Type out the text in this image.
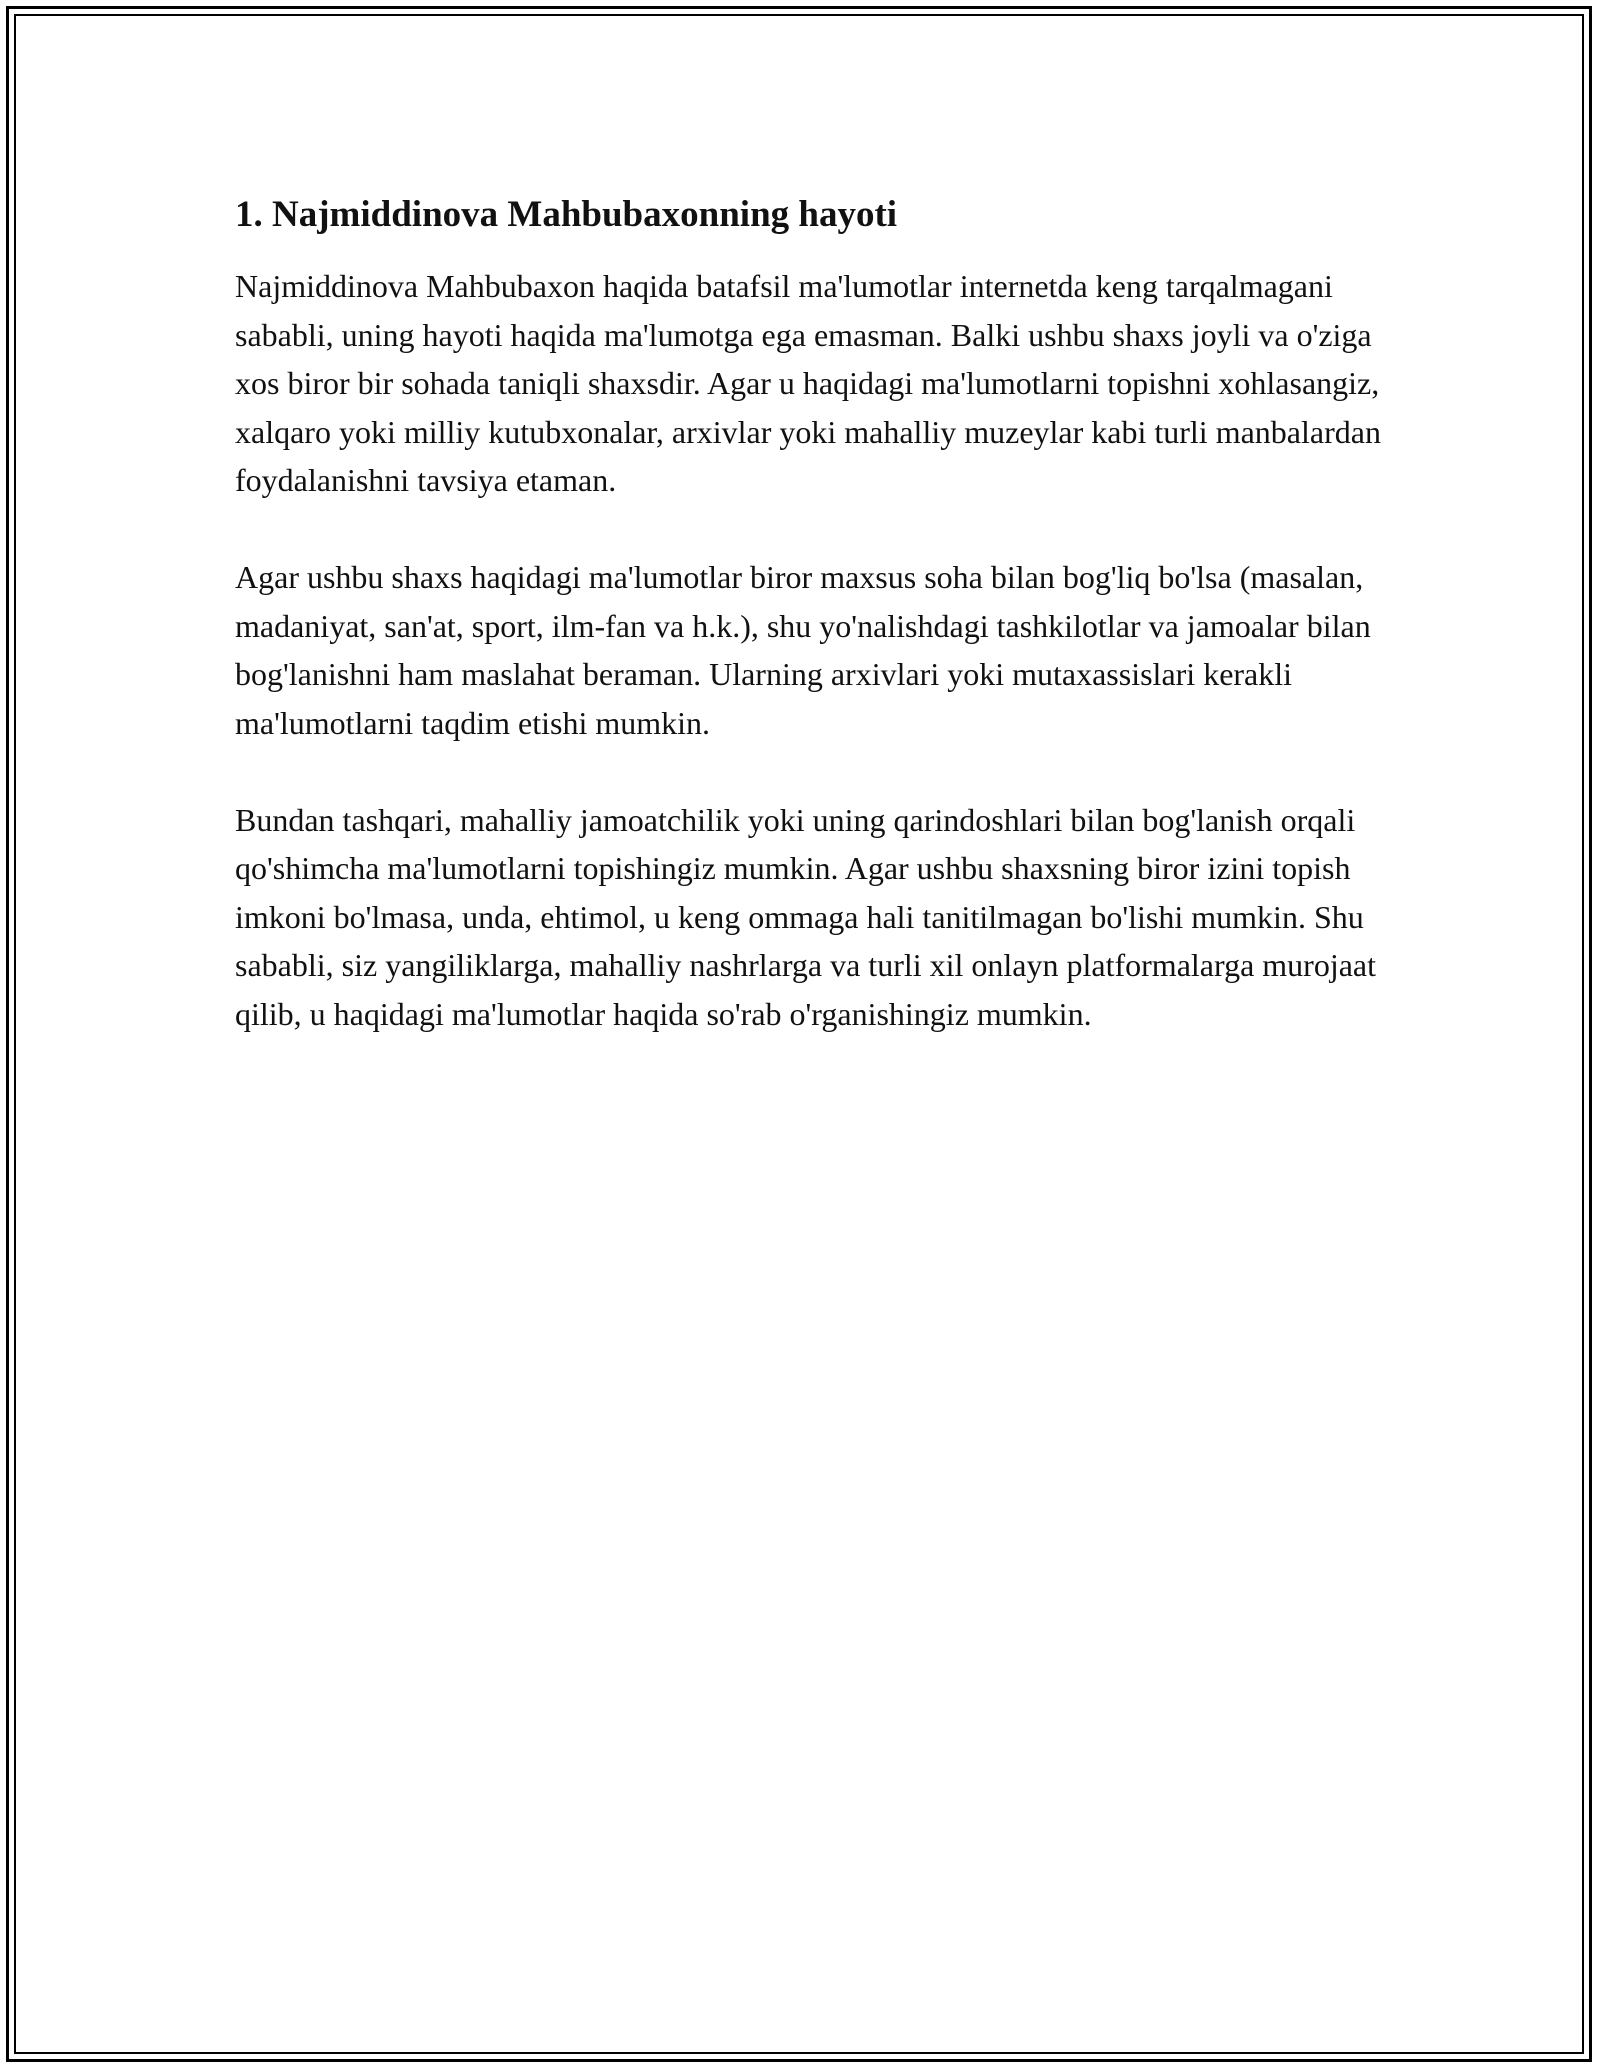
1. Najmiddinova Mahbubaxonning hayoti

Najmiddinova Mahbubaxon haqida batafsil ma'lumotlar internetda keng tarqalmagani sababli, uning hayoti haqida ma'lumotga ega emasman. Balki ushbu shaxs joyli va o'ziga xos biror bir sohada taniqli shaxsdir. Agar u haqidagi ma'lumotlarni topishni xohlasangiz, xalqaro yoki milliy kutubxonalar, arxivlar yoki mahalliy muzeylar kabi turli manbalardan foydalanishni tavsiya etaman.

Agar ushbu shaxs haqidagi ma'lumotlar biror maxsus soha bilan bog'liq bo'lsa (masalan, madaniyat, san'at, sport, ilm-fan va h.k.), shu yo'nalishdagi tashkilotlar va jamoalar bilan bog'lanishni ham maslahat beraman. Ularning arxivlari yoki mutaxassislari kerakli ma'lumotlarni taqdim etishi mumkin.

Bundan tashqari, mahalliy jamoatchilik yoki uning qarindoshlari bilan bog'lanish orqali qo'shimcha ma'lumotlarni topishingiz mumkin. Agar ushbu shaxsning biror izini topish imkoni bo'lmasa, unda, ehtimol, u keng ommaga hali tanitilmagan bo'lishi mumkin. Shu sababli, siz yangiliklarga, mahalliy nashrlarga va turli xil onlayn platformalarga murojaat qilib, u haqidagi ma'lumotlar haqida so'rab o'rganishingiz mumkin.
